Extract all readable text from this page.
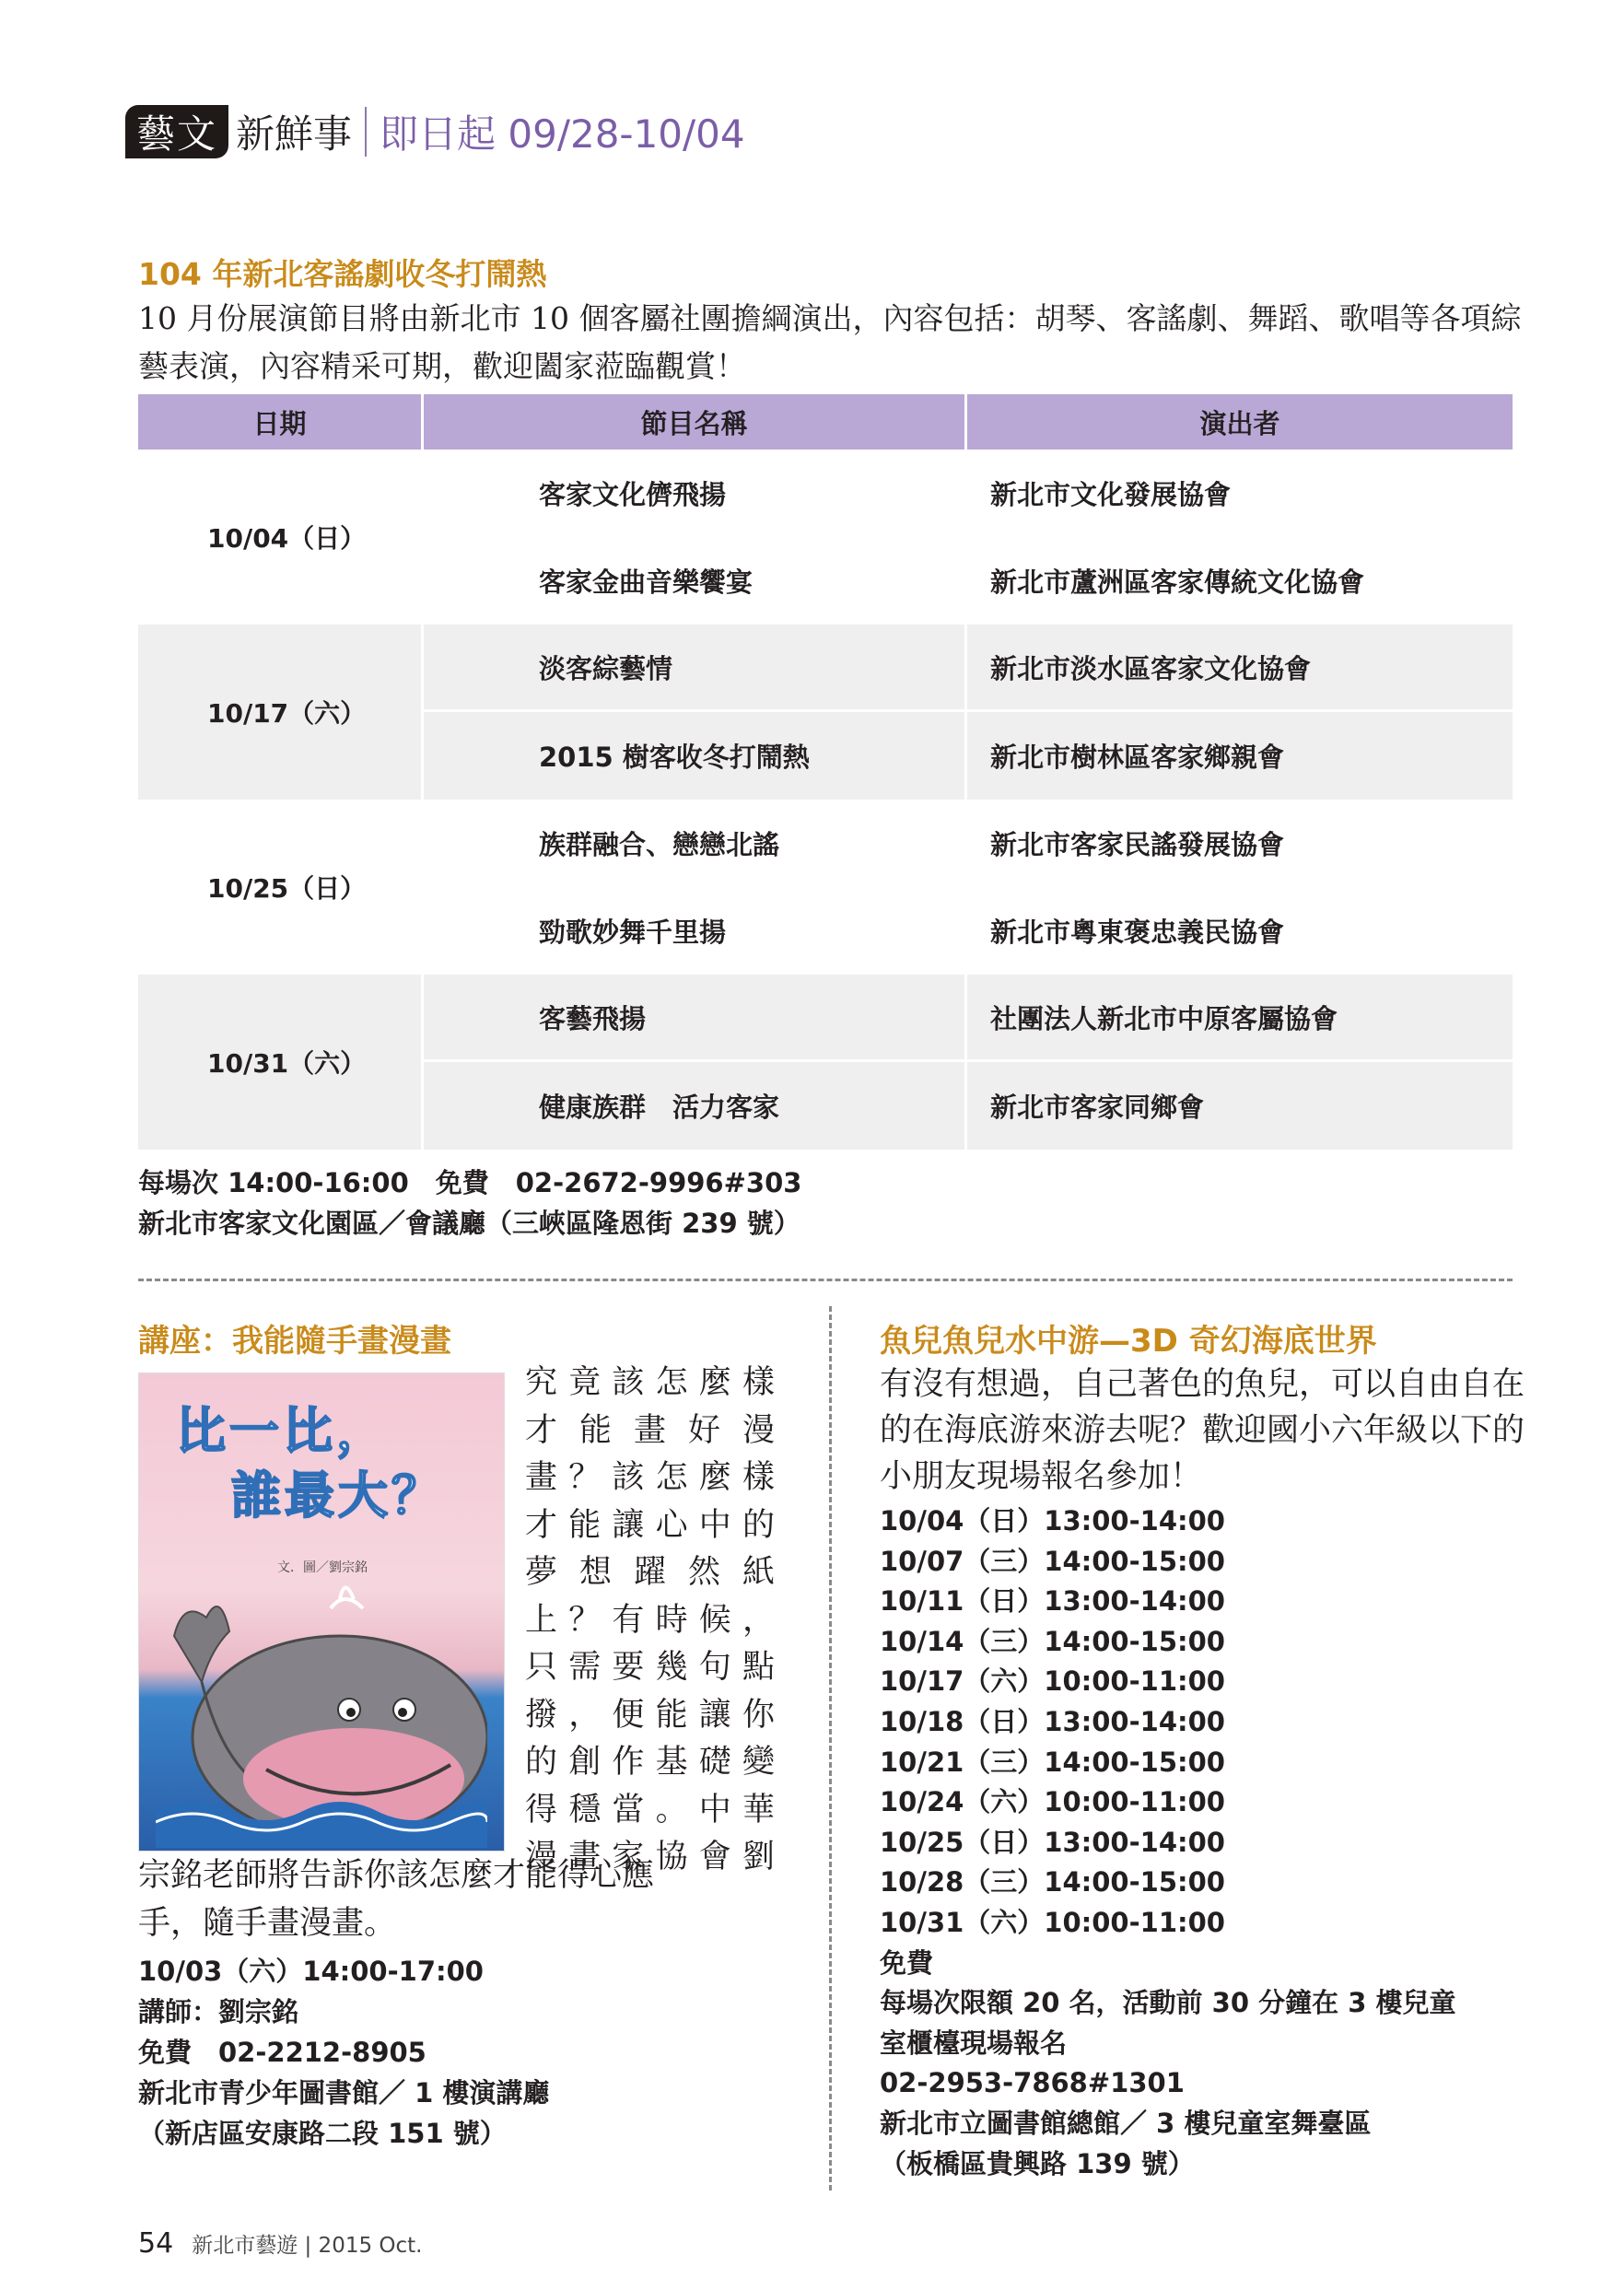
藝文 新鮮事 即日起 09/28-10/04
104 年新北客謠劇收冬打鬧熱
10 月份展演節目將由新北市 10 個客屬社團擔綱演出，內容包括：胡琴、客謠劇、舞蹈、歌唱等各項綜藝表演，內容精采可期，歡迎闔家蒞臨觀賞！
日期	節目名稱	演出者
10/04（日）
客家文化儕飛揚	新北市文化發展協會
客家金曲音樂饗宴	新北市蘆洲區客家傳統文化協會
10/17（六）
淡客綜藝情	新北市淡水區客家文化協會
2015 樹客收冬打鬧熱	新北市樹林區客家鄉親會
10/25（日）
族群融合、戀戀北謠	新北市客家民謠發展協會
勁歌妙舞千里揚	新北市粵東褒忠義民協會
10/31（六）
客藝飛揚	社團法人新北市中原客屬協會
健康族群　活力客家	新北市客家同鄉會
每場次 14:00-16:00　免費　02-2672-9996#303
新北市客家文化園區／會議廳（三峽區隆恩街 239 號）
講座：我能隨手畫漫畫
比一比，
誰最大？
文．圖／劉宗銘
究竟該怎麼樣
才能畫好漫
畫？該怎麼樣
才能讓心中的
夢想躍然紙
上？有時候，
只需要幾句點
撥，便能讓你
的創作基礎變
得穩當。中華
漫畫家協會劉
宗銘老師將告訴你該怎麼才能得心應
手，隨手畫漫畫。
10/03（六）14:00-17:00
講師：劉宗銘
免費　02-2212-8905
新北市青少年圖書館／ 1 樓演講廳
（新店區安康路二段 151 號）
魚兒魚兒水中游—3D 奇幻海底世界
有沒有想過，自己著色的魚兒，可以自由自在的在海底游來游去呢？歡迎國小六年級以下的小朋友現場報名參加！
10/04（日）13:00-14:00
10/07（三）14:00-15:00
10/11（日）13:00-14:00
10/14（三）14:00-15:00
10/17（六）10:00-11:00
10/18（日）13:00-14:00
10/21（三）14:00-15:00
10/24（六）10:00-11:00
10/25（日）13:00-14:00
10/28（三）14:00-15:00
10/31（六）10:00-11:00
免費
每場次限額 20 名，活動前 30 分鐘在 3 樓兒童
室櫃檯現場報名
02-2953-7868#1301
新北市立圖書館總館／ 3 樓兒童室舞臺區
（板橋區貴興路 139 號）
54 新北市藝遊 | 2015 Oct.
